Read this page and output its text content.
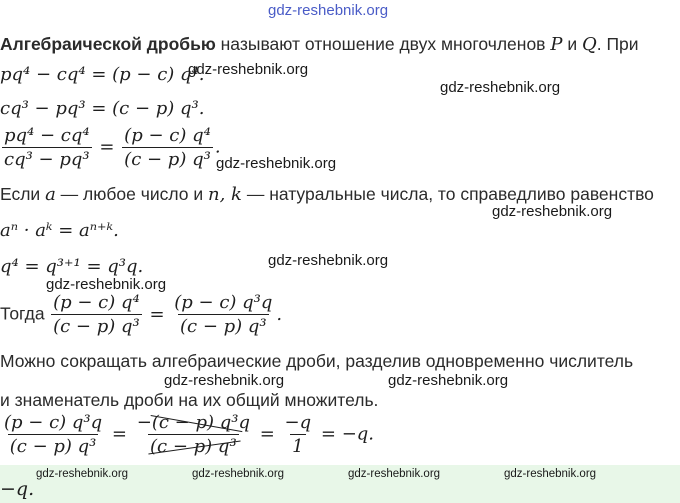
gdz-reshebnik.org
Алгебраической дробью называют отношение двух многочленов P и Q. При
pq⁴ − cq⁴ = (p − c) q⁴.
gdz-reshebnik.org
gdz-reshebnik.org
cq³ − pq³ = (c − p) q³.
$\frac{\text{pq⁴ − cq⁴}}{\text{cq³ − pq³}} = \frac{\text{(p − c) q⁴}}{\text{(c − p) q³}}$ .
gdz-reshebnik.org
Если a — любое число и n, k — натуральные числа, то справедливо равенство
gdz-reshebnik.org
aⁿ · aᵏ = aⁿ⁺ᵏ.
q⁴ = q³⁺¹ = q³q.	gdz-reshebnik.org
gdz-reshebnik.org
Тогда $\frac{\text{(p − c) q⁴}}{\text{(c − p) q³}} = \frac{\text{(p − c) q³q}}{\text{(c − p) q³}}$ .
Можно сокращать алгебраические дроби, разделив одновременно числитель
gdz-reshebnik.org	gdz-reshebnik.org
и знаменатель дроби на их общий множитель.
$\frac{\text{(p − c) q³q}}{\text{(c − p) q³}} = \frac{\text{−(c − p) q³q}}{\text{(c − p) q³}} = \frac{-q}{1} = -q$.
gdz-reshebnik.org	gdz-reshebnik.org	gdz-reshebnik.org	gdz-reshebnik.org
−q.
